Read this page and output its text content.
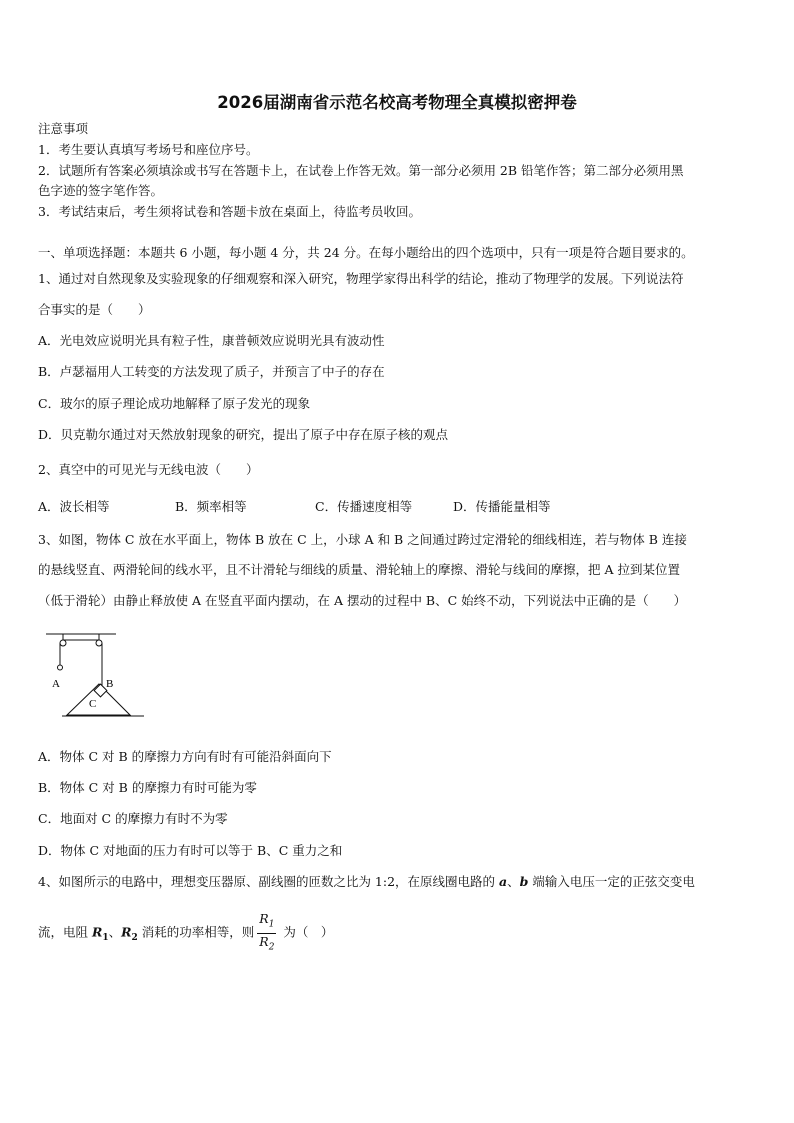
2026届湖南省示范名校高考物理全真模拟密押卷
注意事项
1．考生要认真填写考场号和座位序号。
2．试题所有答案必须填涂或书写在答题卡上，在试卷上作答无效。第一部分必须用 2B 铅笔作答；第二部分必须用黑
色字迹的签字笔作答。
3．考试结束后，考生须将试卷和答题卡放在桌面上，待监考员收回。
一、单项选择题：本题共 6 小题，每小题 4 分，共 24 分。在每小题给出的四个选项中，只有一项是符合题目要求的。
1、通过对自然现象及实验现象的仔细观察和深入研究，物理学家得出科学的结论，推动了物理学的发展。下列说法符
合事实的是（　　）
A．光电效应说明光具有粒子性，康普顿效应说明光具有波动性
B．卢瑟福用人工转变的方法发现了质子，并预言了中子的存在
C．玻尔的原子理论成功地解释了原子发光的现象
D．贝克勒尔通过对天然放射现象的研究，提出了原子中存在原子核的观点
2、真空中的可见光与无线电波（　　）
A．波长相等	B．频率相等	C．传播速度相等	D．传播能量相等
3、如图，物体 C 放在水平面上，物体 B 放在 C 上，小球 A 和 B 之间通过跨过定滑轮的细线相连，若与物体 B 连接
的悬线竖直、两滑轮间的线水平，且不计滑轮与细线的质量、滑轮轴上的摩擦、滑轮与线间的摩擦，把 A 拉到某位置
（低于滑轮）由静止释放使 A 在竖直平面内摆动，在 A 摆动的过程中 B、C 始终不动，下列说法中正确的是（　　）
A	B
C
A．物体 C 对 B 的摩擦力方向有时有可能沿斜面向下
B．物体 C 对 B 的摩擦力有时可能为零
C．地面对 C 的摩擦力有时不为零
D．物体 C 对地面的压力有时可以等于 B、C 重力之和
4、如图所示的电路中，理想变压器原、副线圈的匝数之比为 1:2，在原线圈电路的 a、b 端输入电压一定的正弦交变电
流，电阻 $R_1$、$R_2$ 消耗的功率相等，则 $\frac{R_1}{R_2}$ 为（　）
